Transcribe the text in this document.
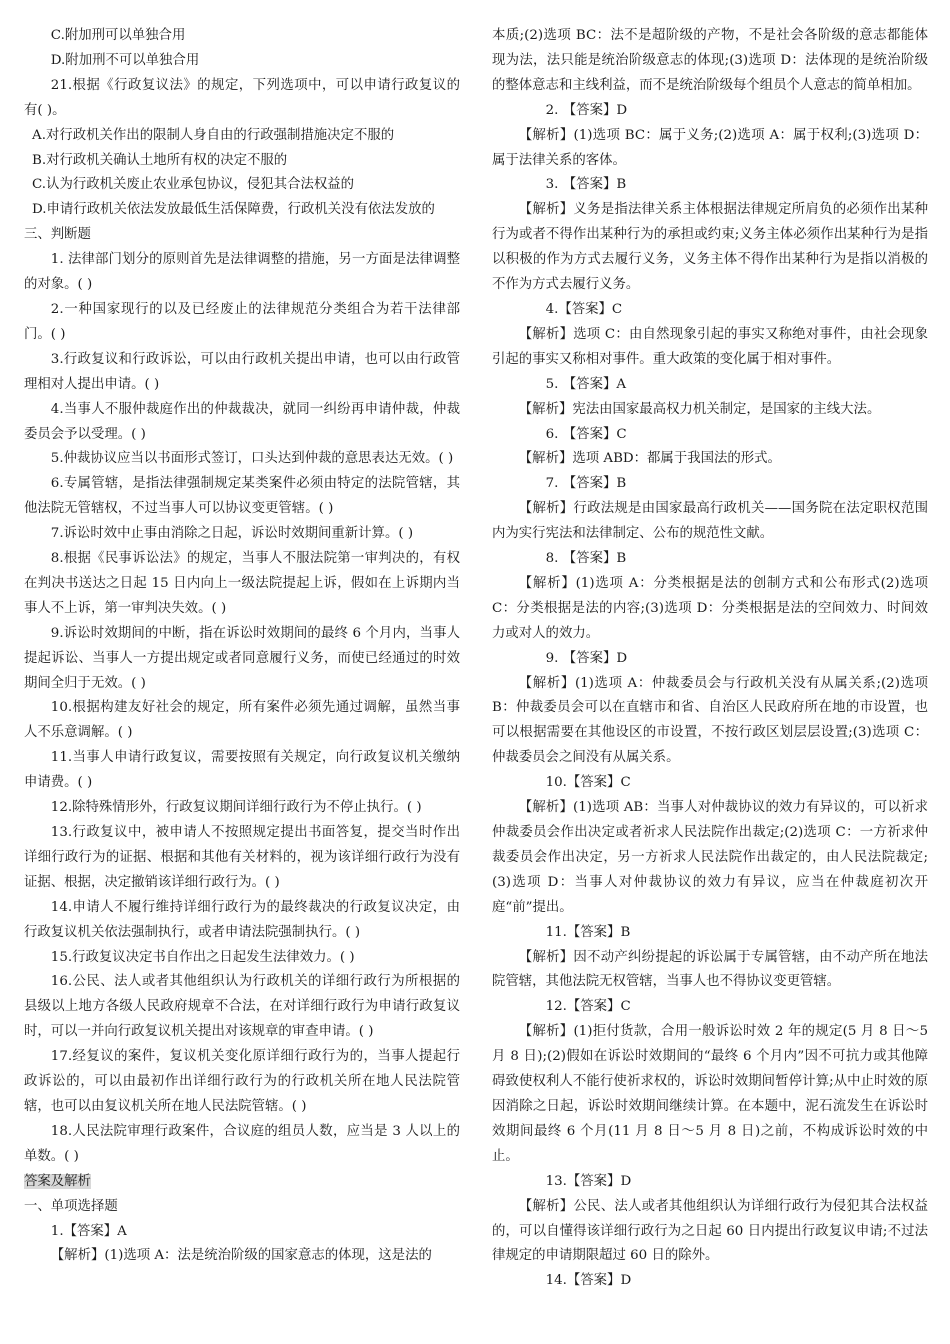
C.附加刑可以单独合用

D.附加刑不可以单独合用

21.根据《行政复议法》的规定，下列选项中，可以申请行政复议的有( )。

A.对行政机关作出的限制人身自由的行政强制措施决定不服的

B.对行政机关确认土地所有权的决定不服的

C.认为行政机关废止农业承包协议，侵犯其合法权益的

D.申请行政机关依法发放最低生活保障费，行政机关没有依法发放的

三、判断题

1. 法律部门划分的原则首先是法律调整的措施，另一方面是法律调整的对象。( )

2.一种国家现行的以及已经废止的法律规范分类组合为若干法律部门。( )

3.行政复议和行政诉讼，可以由行政机关提出申请，也可以由行政管理相对人提出申请。( )

4.当事人不服仲裁庭作出的仲裁裁决，就同一纠纷再申请仲裁，仲裁委员会予以受理。( )

5.仲裁协议应当以书面形式签订，口头达到仲裁的意思表达无效。( )

6.专属管辖，是指法律强制规定某类案件必须由特定的法院管辖，其他法院无管辖权，不过当事人可以协议变更管辖。( )

7.诉讼时效中止事由消除之日起，诉讼时效期间重新计算。( )

8.根据《民事诉讼法》的规定，当事人不服法院第一审判决的，有权在判决书送达之日起 15 日内向上一级法院提起上诉，假如在上诉期内当事人不上诉，第一审判决失效。( )

9.诉讼时效期间的中断，指在诉讼时效期间的最终 6 个月内，当事人提起诉讼、当事人一方提出规定或者同意履行义务，而使已经通过的时效期间全归于无效。( )

10.根据构建友好社会的规定，所有案件必须先通过调解，虽然当事人不乐意调解。( )

11.当事人申请行政复议，需要按照有关规定，向行政复议机关缴纳申请费。( )

12.除特殊情形外，行政复议期间详细行政行为不停止执行。( )

13.行政复议中，被申请人不按照规定提出书面答复，提交当时作出详细行政行为的证据、根据和其他有关材料的，视为该详细行政行为没有证据、根据，决定撤销该详细行政行为。( )

14.申请人不履行维持详细行政行为的最终裁决的行政复议决定，由行政复议机关依法强制执行，或者申请法院强制执行。( )

15.行政复议决定书自作出之日起发生法律效力。( )

16.公民、法人或者其他组织认为行政机关的详细行政行为所根据的县级以上地方各级人民政府规章不合法，在对详细行政行为申请行政复议时，可以一并向行政复议机关提出对该规章的审查申请。( )

17.经复议的案件，复议机关变化原详细行政行为的，当事人提起行政诉讼的，可以由最初作出详细行政行为的行政机关所在地人民法院管辖，也可以由复议机关所在地人民法院管辖。( )

18.人民法院审理行政案件，合议庭的组员人数，应当是 3 人以上的单数。( )

答案及解析

一、单项选择题

1.【答案】A

【解析】(1)选项 A：法是统治阶级的国家意志的体现，这是法的

本质;(2)选项 BC：法不是超阶级的产物，不是社会各阶级的意志都能体现为法，法只能是统治阶级意志的体现;(3)选项 D：法体现的是统治阶级的整体意志和主线利益，而不是统治阶级每个组员个人意志的简单相加。

2. 【答案】D

【解析】(1)选项 BC：属于义务;(2)选项 A：属于权利;(3)选项 D：属于法律关系的客体。

3. 【答案】B

【解析】义务是指法律关系主体根据法律规定所肩负的必须作出某种行为或者不得作出某种行为的承担或约束;义务主体必须作出某种行为是指以积极的作为方式去履行义务，义务主体不得作出某种行为是指以消极的不作为方式去履行义务。

4.【答案】C

【解析】选项 C：由自然现象引起的事实又称绝对事件，由社会现象引起的事实又称相对事件。重大政策的变化属于相对事件。

5. 【答案】A

【解析】宪法由国家最高权力机关制定，是国家的主线大法。

6. 【答案】C

【解析】选项 ABD：都属于我国法的形式。

7. 【答案】B

【解析】行政法规是由国家最高行政机关——国务院在法定职权范围内为实行宪法和法律制定、公布的规范性文献。

8. 【答案】B

【解析】(1)选项 A：分类根据是法的创制方式和公布形式(2)选项 C：分类根据是法的内容;(3)选项 D：分类根据是法的空间效力、时间效力或对人的效力。

9. 【答案】D

【解析】(1)选项 A：仲裁委员会与行政机关没有从属关系;(2)选项 B：仲裁委员会可以在直辖市和省、自治区人民政府所在地的市设置，也可以根据需要在其他设区的市设置，不按行政区划层层设置;(3)选项 C：仲裁委员会之间没有从属关系。

10.【答案】C

【解析】(1)选项 AB：当事人对仲裁协议的效力有异议的，可以祈求仲裁委员会作出决定或者祈求人民法院作出裁定;(2)选项 C：一方祈求仲裁委员会作出决定，另一方祈求人民法院作出裁定的，由人民法院裁定;(3)选项 D：当事人对仲裁协议的效力有异议，应当在仲裁庭初次开庭“前”提出。

11.【答案】B

【解析】因不动产纠纷提起的诉讼属于专属管辖，由不动产所在地法院管辖，其他法院无权管辖，当事人也不得协议变更管辖。

12.【答案】C

【解析】(1)拒付货款，合用一般诉讼时效 2 年的规定(5 月 8 日～5 月 8 日);(2)假如在诉讼时效期间的“最终 6 个月内”因不可抗力或其他障碍致使权利人不能行使祈求权的，诉讼时效期间暂停计算;从中止时效的原因消除之日起，诉讼时效期间继续计算。在本题中，泥石流发生在诉讼时效期间最终 6 个月(11 月 8 日～5 月 8 日)之前，不构成诉讼时效的中止。

13.【答案】D

【解析】公民、法人或者其他组织认为详细行政行为侵犯其合法权益的，可以自懂得该详细行政行为之日起 60 日内提出行政复议申请;不过法律规定的申请期限超过 60 日的除外。

14.【答案】D
